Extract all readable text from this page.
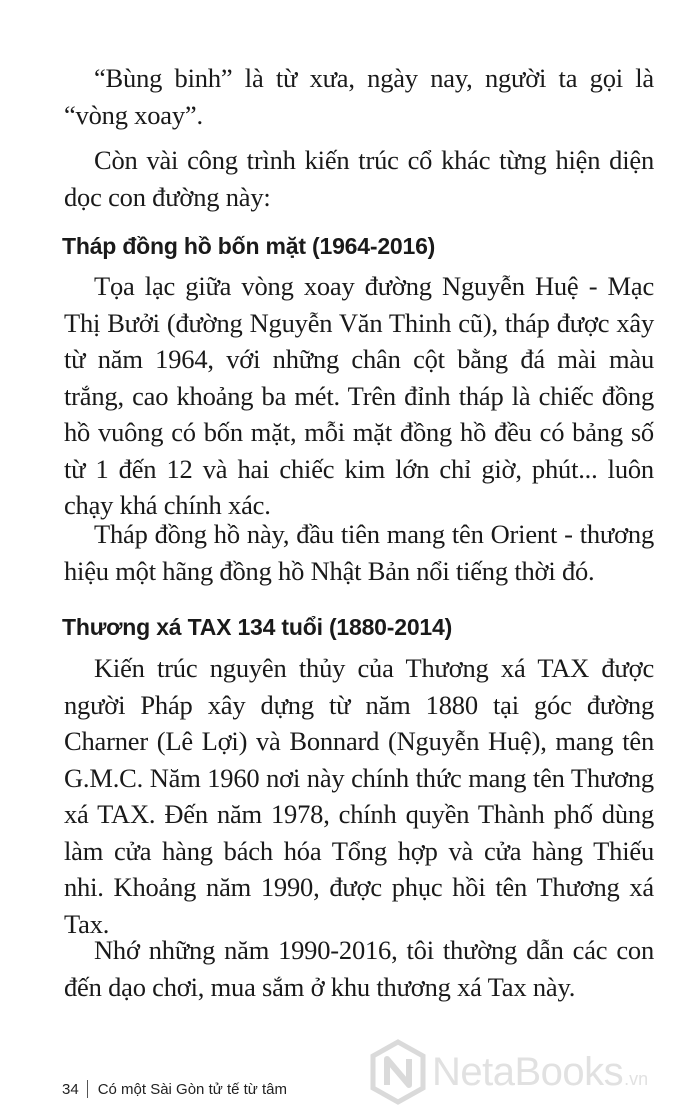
“Bùng binh” là từ xưa, ngày nay, người ta gọi là “vòng xoay”.

Còn vài công trình kiến trúc cổ khác từng hiện diện dọc con đường này:

Tháp đồng hồ bốn mặt (1964-2016)

Tọa lạc giữa vòng xoay đường Nguyễn Huệ - Mạc Thị Bưởi (đường Nguyễn Văn Thinh cũ), tháp được xây từ năm 1964, với những chân cột bằng đá mài màu trắng, cao khoảng ba mét. Trên đỉnh tháp là chiếc đồng hồ vuông có bốn mặt, mỗi mặt đồng hồ đều có bảng số từ 1 đến 12 và hai chiếc kim lớn chỉ giờ, phút... luôn chạy khá chính xác.

Tháp đồng hồ này, đầu tiên mang tên Orient - thương hiệu một hãng đồng hồ Nhật Bản nổi tiếng thời đó.

Thương xá TAX 134 tuổi (1880-2014)

Kiến trúc nguyên thủy của Thương xá TAX được người Pháp xây dựng từ năm 1880 tại góc đường Charner (Lê Lợi) và Bonnard (Nguyễn Huệ), mang tên G.M.C. Năm 1960 nơi này chính thức mang tên Thương xá TAX. Đến năm 1978, chính quyền Thành phố dùng làm cửa hàng bách hóa Tổng hợp và cửa hàng Thiếu nhi. Khoảng năm 1990, được phục hồi tên Thương xá Tax.

Nhớ những năm 1990-2016, tôi thường dẫn các con đến dạo chơi, mua sắm ở khu thương xá Tax này.

34 Có một Sài Gòn tử tế từ tâm	NetaBooks .vn
